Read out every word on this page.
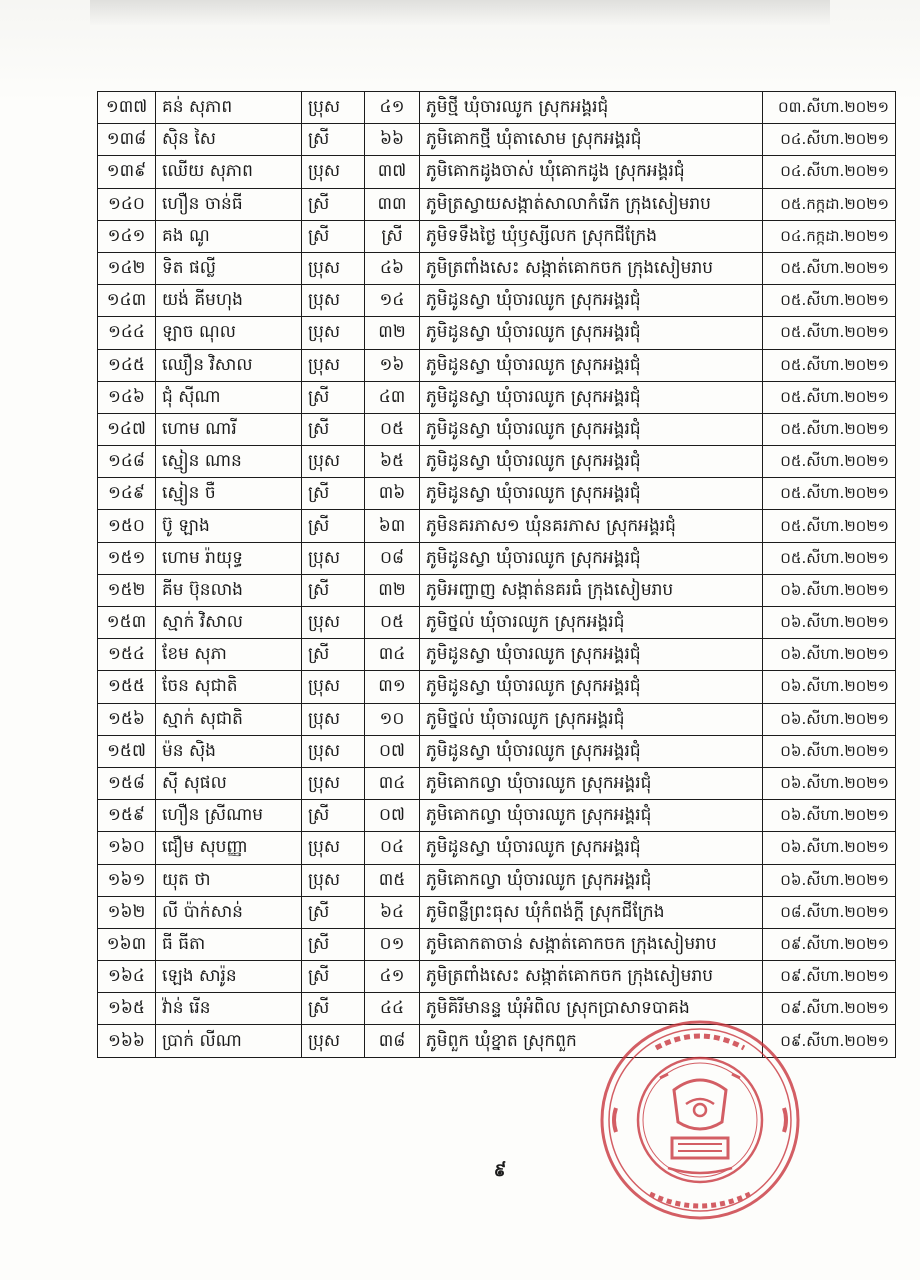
១៣៧	គន់ សុភាព	ប្រុស	៤១	ភូមិថ្មី ឃុំចារឈូក ស្រុកអង្គរជុំ	០៣.សីហា.២០២១
១៣៨	ស៊ិន សៃ	ស្រី	៦៦	ភូមិគោកថ្មី ឃុំតាសោម ស្រុកអង្គរជុំ	០៤.សីហា.២០២១
១៣៩	ឈើយ សុភាព	ប្រុស	៣៧	ភូមិគោកដូងចាស់ ឃុំគោកដូង ស្រុកអង្គរជុំ	០៤.សីហា.២០២១
១៤០	ហឿន ចាន់ធី	ស្រី	៣៣	ភូមិត្រស្វាយសង្កាត់សាលាកំរើក ក្រុងសៀមរាប	០៥.កក្កដា.២០២១
១៤១	គង ណូ	ស្រី	ស្រី	ភូមិទទឹងថ្ងៃ ឃុំឫស្សីលក ស្រុកជីក្រែង	០៤.កក្កដា.២០២១
១៤២	ទិត ផល្លី	ប្រុស	៤៦	ភូមិត្រពាំងសេះ សង្កាត់គោកចក ក្រុងសៀមរាប	០៥.សីហា.២០២១
១៤៣	យង់ គីមហុង	ប្រុស	១៤	ភូមិដូនស្វា ឃុំចារឈូក ស្រុកអង្គរជុំ	០៥.សីហា.២០២១
១៤៤	ឡាច ណុល	ប្រុស	៣២	ភូមិដូនស្វា ឃុំចារឈូក ស្រុកអង្គរជុំ	០៥.សីហា.២០២១
១៤៥	ឈឿន វិសាល	ប្រុស	១៦	ភូមិដូនស្វា ឃុំចារឈូក ស្រុកអង្គរជុំ	០៥.សីហា.២០២១
១៤៦	ជុំ ស៊ីណា	ស្រី	៤៣	ភូមិដូនស្វា ឃុំចារឈូក ស្រុកអង្គរជុំ	០៥.សីហា.២០២១
១៤៧	ហោម ណារី	ស្រី	០៥	ភូមិដូនស្វា ឃុំចារឈូក ស្រុកអង្គរជុំ	០៥.សីហា.២០២១
១៤៨	ស្មៀន ណាន	ប្រុស	៦៥	ភូមិដូនស្វា ឃុំចារឈូក ស្រុកអង្គរជុំ	០៥.សីហា.២០២១
១៤៩	ស្មៀន ចឺ	ស្រី	៣៦	ភូមិដូនស្វា ឃុំចារឈូក ស្រុកអង្គរជុំ	០៥.សីហា.២០២១
១៥០	ប៊ូ ឡាង	ស្រី	៦៣	ភូមិនគរភាស១ ឃុំនគរភាស ស្រុកអង្គរជុំ	០៥.សីហា.២០២១
១៥១	ហោម រ៉ាយុទ្ធ	ប្រុស	០៨	ភូមិដូនស្វា ឃុំចារឈូក ស្រុកអង្គរជុំ	០៥.សីហា.២០២១
១៥២	គីម ប៊ុនលាង	ស្រី	៣២	ភូមិអញ្ចាញ សង្កាត់នគរធំ ក្រុងសៀមរាប	០៦.សីហា.២០២១
១៥៣	ស្មាក់ វិសាល	ប្រុស	០៥	ភូមិថ្នល់ ឃុំចារឈូក ស្រុកអង្គរជុំ	០៦.សីហា.២០២១
១៥៤	ខែម សុភា	ស្រី	៣៤	ភូមិដូនស្វា ឃុំចារឈូក ស្រុកអង្គរជុំ	០៦.សីហា.២០២១
១៥៥	ចែន សុជាតិ	ប្រុស	៣១	ភូមិដូនស្វា ឃុំចារឈូក ស្រុកអង្គរជុំ	០៦.សីហា.២០២១
១៥៦	ស្មាក់ សុជាតិ	ប្រុស	១០	ភូមិថ្នល់ ឃុំចារឈូក ស្រុកអង្គរជុំ	០៦.សីហា.២០២១
១៥៧	ម៉ន ស៊ិង	ប្រុស	០៧	ភូមិដូនស្វា ឃុំចារឈូក ស្រុកអង្គរជុំ	០៦.សីហា.២០២១
១៥៨	ស៊ី សុផល	ប្រុស	៣៤	ភូមិគោកល្វា ឃុំចារឈូក ស្រុកអង្គរជុំ	០៦.សីហា.២០២១
១៥៩	ហឿន ស្រីណាម	ស្រី	០៧	ភូមិគោកល្វា ឃុំចារឈូក ស្រុកអង្គរជុំ	០៦.សីហា.២០២១
១៦០	ជឿម សុបញ្ញា	ប្រុស	០៤	ភូមិដូនស្វា ឃុំចារឈូក ស្រុកអង្គរជុំ	០៦.សីហា.២០២១
១៦១	យុត ថា	ប្រុស	៣៥	ភូមិគោកល្វា ឃុំចារឈូក ស្រុកអង្គរជុំ	០៦.សីហា.២០២១
១៦២	លី ប៉ាក់សាន់	ស្រី	៦៤	ភូមិពន្លឺព្រះធុស ឃុំកំពង់ក្ដី ស្រុកជីក្រែង	០៨.សីហា.២០២១
១៦៣	ធី ធីតា	ស្រី	០១	ភូមិគោកតាចាន់ សង្កាត់គោកចក ក្រុងសៀមរាប	០៩.សីហា.២០២១
១៦៤	ឡេង សារ៉ូន	ស្រី	៤១	ភូមិត្រពាំងសេះ សង្កាត់គោកចក ក្រុងសៀមរាប	០៩.សីហា.២០២១
១៦៥	វ៉ាន់ រើន	ស្រី	៤៤	ភូមិគិរីមានន្ទ ឃុំអំពិល ស្រុកប្រាសាទបាគង	០៩.សីហា.២០២១
១៦៦	ប្រាក់ លីណា	ប្រុស	៣៨	ភូមិពួក ឃុំខ្នាត ស្រុកពួក	០៩.សីហា.២០២១
៩
